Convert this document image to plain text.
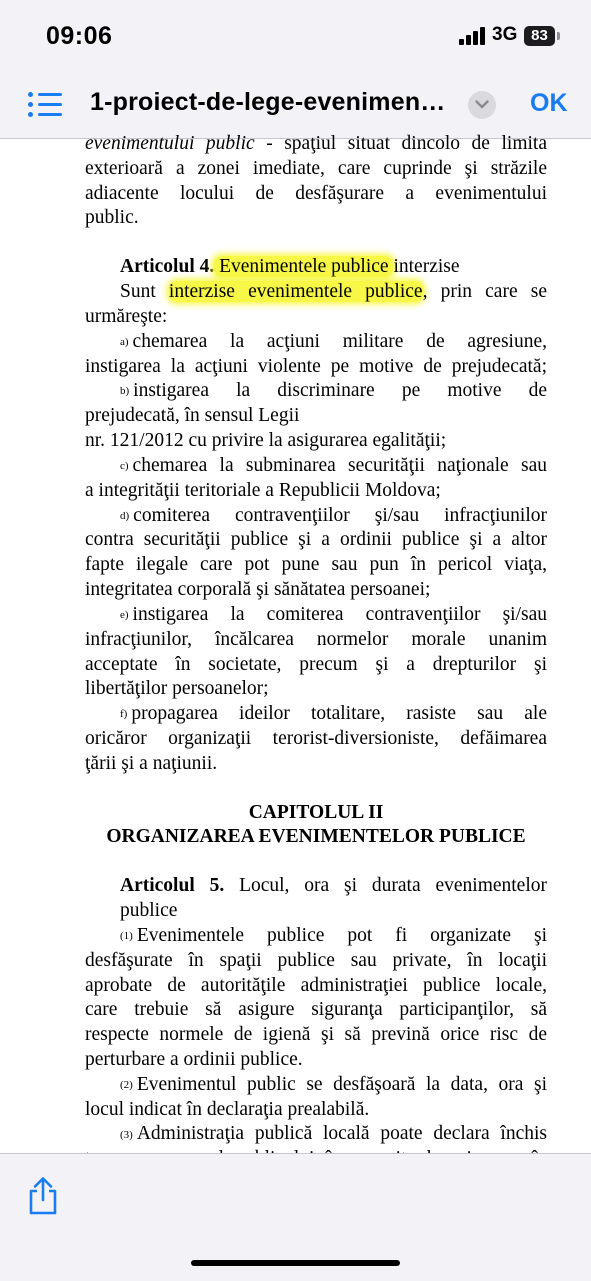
09:06	3G 83
1-proiect-de-lege-evenimen…	OK

evenimentului public - spaţiul situat dincolo de limita

exterioară a zonei imediate, care cuprinde şi străzile

adiacente locului de desfăşurare a evenimentului

public.

Articolul 4. Evenimentele publice interzise

Sunt interzise evenimentele publice, prin care se

urmăreşte:

a) chemarea la acţiuni militare de agresiune,

instigarea la acţiuni violente pe motive de prejudecată;

b) instigarea la discriminare pe motive de

prejudecată, în sensul Legii

nr. 121/2012 cu privire la asigurarea egalităţii;

c) chemarea la subminarea securităţii naţionale sau

a integrităţii teritoriale a Republicii Moldova;

d) comiterea contravenţiilor şi/sau infracţiunilor

contra securităţii publice şi a ordinii publice şi a altor

fapte ilegale care pot pune sau pun în pericol viaţa,

integritatea corporală şi sănătatea persoanei;

e) instigarea la comiterea contravenţiilor şi/sau

infracţiunilor, încălcarea normelor morale unanim

acceptate în societate, precum şi a drepturilor şi

libertăţilor persoanelor;

f) propagarea ideilor totalitare, rasiste sau ale

oricăror organizaţii terorist-diversioniste, defăimarea

ţării şi a naţiunii.

CAPITOLUL II

ORGANIZAREA EVENIMENTELOR PUBLICE

Articolul 5. Locul, ora şi durata evenimentelor

publice

(1) Evenimentele publice pot fi organizate şi

desfăşurate în spaţii publice sau private, în locaţii

aprobate de autorităţile administraţiei publice locale,

care trebuie să asigure siguranţa participanţilor, să

respecte normele de igienă şi să prevină orice risc de

perturbare a ordinii publice.

(2) Evenimentul public se desfăşoară la data, ora şi

locul indicat în declaraţia prealabilă.

(3) Administraţia publică locală poate declara închis
